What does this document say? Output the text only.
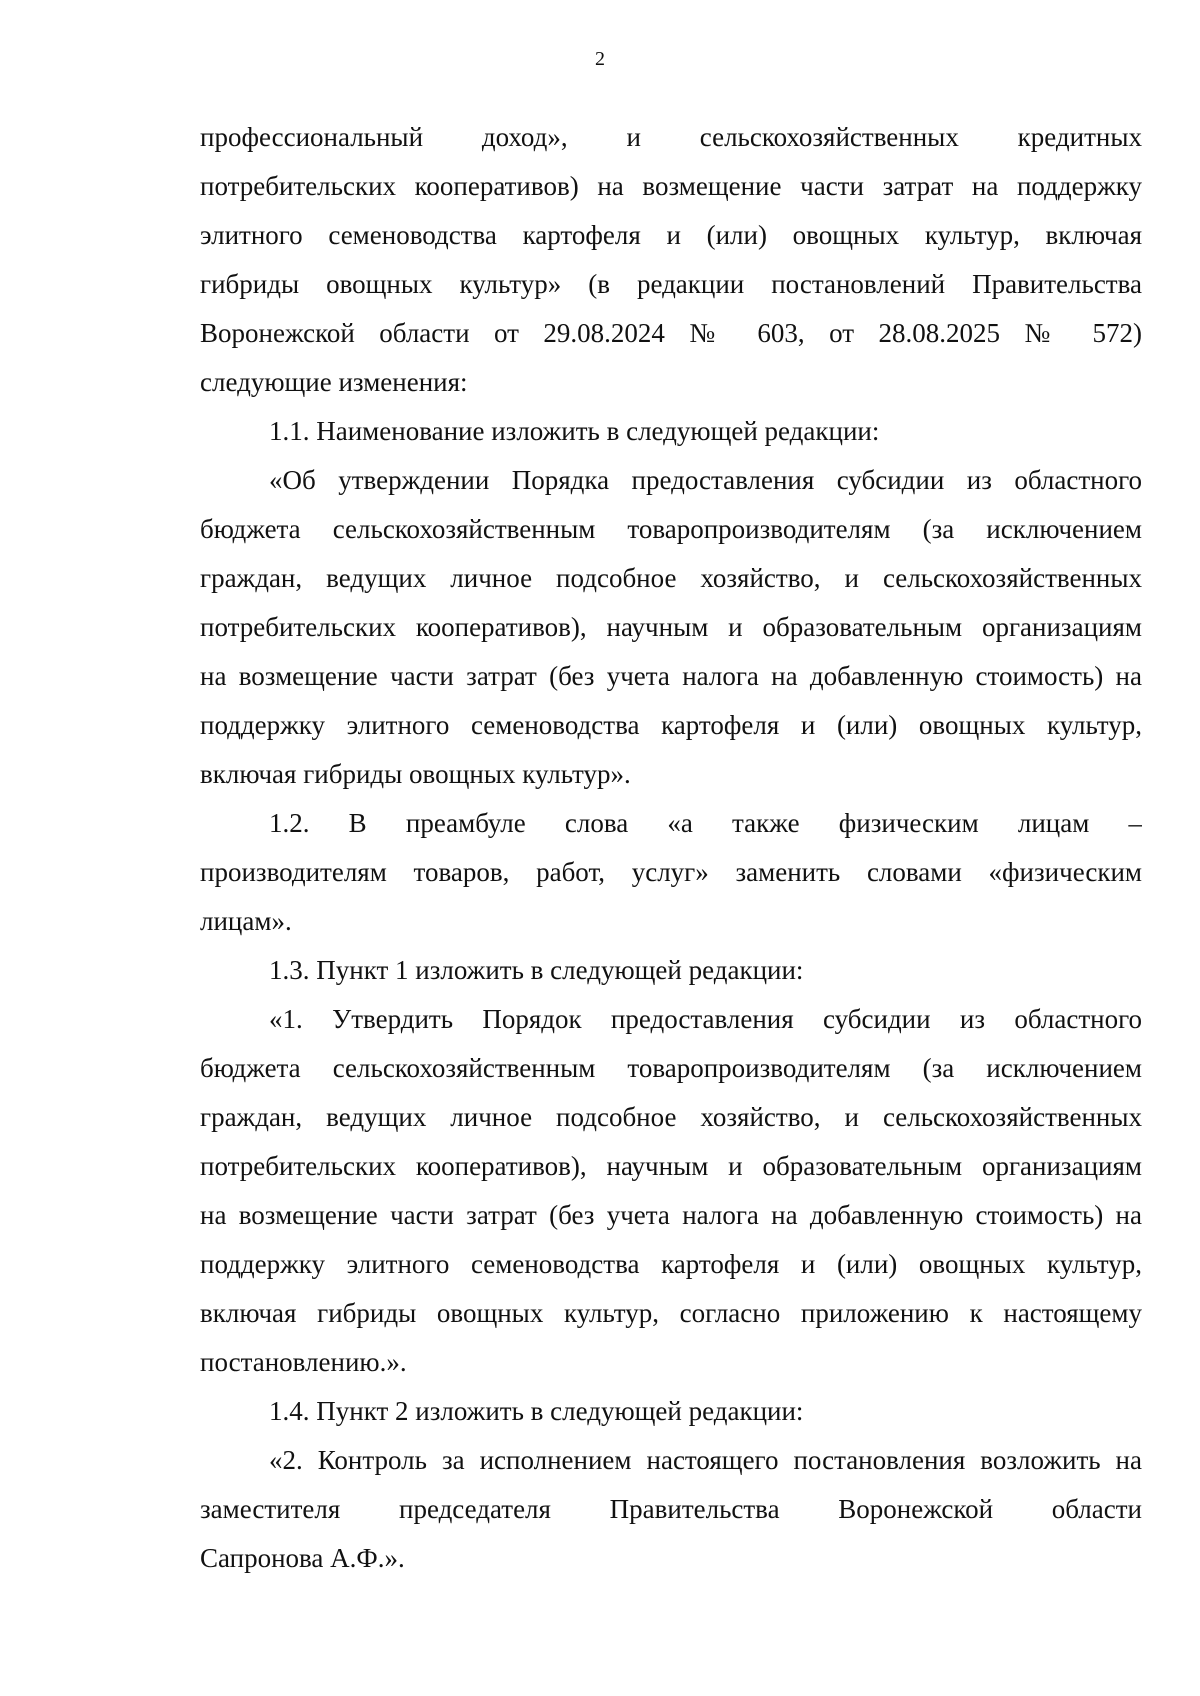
2
профессиональный доход», и сельскохозяйственных кредитных
потребительских кооперативов) на возмещение части затрат на поддержку
элитного семеноводства картофеля и (или) овощных культур, включая
гибриды овощных культур» (в редакции постановлений Правительства
Воронежской области от 29.08.2024 № 603, от 28.08.2025 № 572)
следующие изменения:
1.1. Наименование изложить в следующей редакции:
«Об утверждении Порядка предоставления субсидии из областного
бюджета сельскохозяйственным товаропроизводителям (за исключением
граждан, ведущих личное подсобное хозяйство, и сельскохозяйственных
потребительских кооперативов), научным и образовательным организациям
на возмещение части затрат (без учета налога на добавленную стоимость) на
поддержку элитного семеноводства картофеля и (или) овощных культур,
включая гибриды овощных культур».
1.2. В преамбуле слова «а также физическим лицам –
производителям товаров, работ, услуг» заменить словами «физическим
лицам».
1.3. Пункт 1 изложить в следующей редакции:
«1. Утвердить Порядок предоставления субсидии из областного
бюджета сельскохозяйственным товаропроизводителям (за исключением
граждан, ведущих личное подсобное хозяйство, и сельскохозяйственных
потребительских кооперативов), научным и образовательным организациям
на возмещение части затрат (без учета налога на добавленную стоимость) на
поддержку элитного семеноводства картофеля и (или) овощных культур,
включая гибриды овощных культур, согласно приложению к настоящему
постановлению.».
1.4. Пункт 2 изложить в следующей редакции:
«2. Контроль за исполнением настоящего постановления возложить на
заместителя председателя Правительства Воронежской области
Сапронова А.Ф.».
